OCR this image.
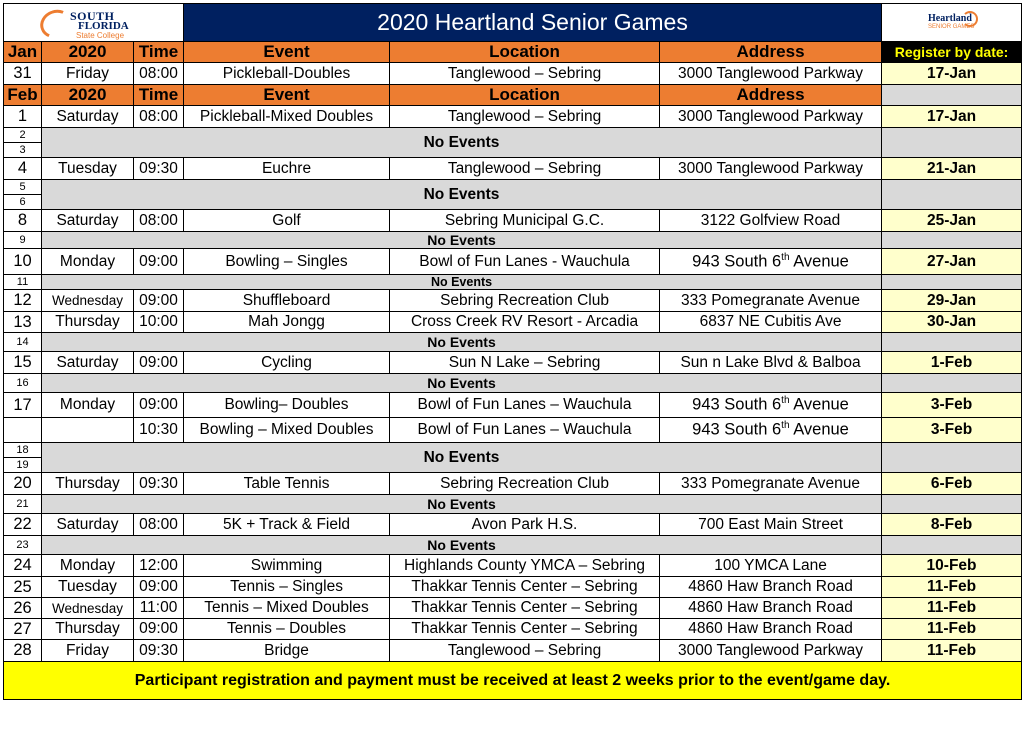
SOUTH
FLORIDA
State College			2020 Heartland Senior Games			Heartland
SENIOR GAMES

Jan	2020	Time	Event	Location	Address	Register by date:
31	Friday	08:00	Pickleball-Doubles	Tanglewood – Sebring	3000 Tanglewood Parkway	17-Jan
Feb	2020	Time	Event	Location	Address	
1	Saturday	08:00	Pickleball-Mixed Doubles	Tanglewood – Sebring	3000 Tanglewood Parkway	17-Jan
2	No Events					
3						
4	Tuesday	09:30	Euchre	Tanglewood – Sebring	3000 Tanglewood Parkway	21-Jan
5	No Events					
6						
8	Saturday	08:00	Golf	Sebring Municipal G.C.	3122 Golfview Road	25-Jan
9	No Events					
10	Monday	09:00	Bowling – Singles	Bowl of Fun Lanes - Wauchula	943 South 6th Avenue	27-Jan
11	No Events					
12	Wednesday	09:00	Shuffleboard	Sebring Recreation Club	333 Pomegranate Avenue	29-Jan
13	Thursday	10:00	Mah Jongg	Cross Creek RV Resort - Arcadia	6837 NE Cubitis Ave	30-Jan
14	No Events					
15	Saturday	09:00	Cycling	Sun N Lake – Sebring	Sun n Lake Blvd & Balboa	1-Feb
16	No Events					
17	Monday	09:00	Bowling– Doubles	Bowl of Fun Lanes – Wauchula	943 South 6th Avenue	3-Feb
		10:30	Bowling – Mixed Doubles	Bowl of Fun Lanes – Wauchula	943 South 6th Avenue	3-Feb
18	No Events					
19						
20	Thursday	09:30	Table Tennis	Sebring Recreation Club	333 Pomegranate Avenue	6-Feb
21	No Events					
22	Saturday	08:00	5K + Track & Field	Avon Park H.S.	700 East Main Street	8-Feb
23	No Events					
24	Monday	12:00	Swimming	Highlands County YMCA – Sebring	100 YMCA Lane	10-Feb
25	Tuesday	09:00	Tennis – Singles	Thakkar Tennis Center – Sebring	4860 Haw Branch Road	11-Feb
26	Wednesday	11:00	Tennis – Mixed Doubles	Thakkar Tennis Center – Sebring	4860 Haw Branch Road	11-Feb
27	Thursday	09:00	Tennis – Doubles	Thakkar Tennis Center – Sebring	4860 Haw Branch Road	11-Feb
28	Friday	09:30	Bridge	Tanglewood – Sebring	3000 Tanglewood Parkway	11-Feb
Participant registration and payment must be received at least 2 weeks prior to the event/game day.						
